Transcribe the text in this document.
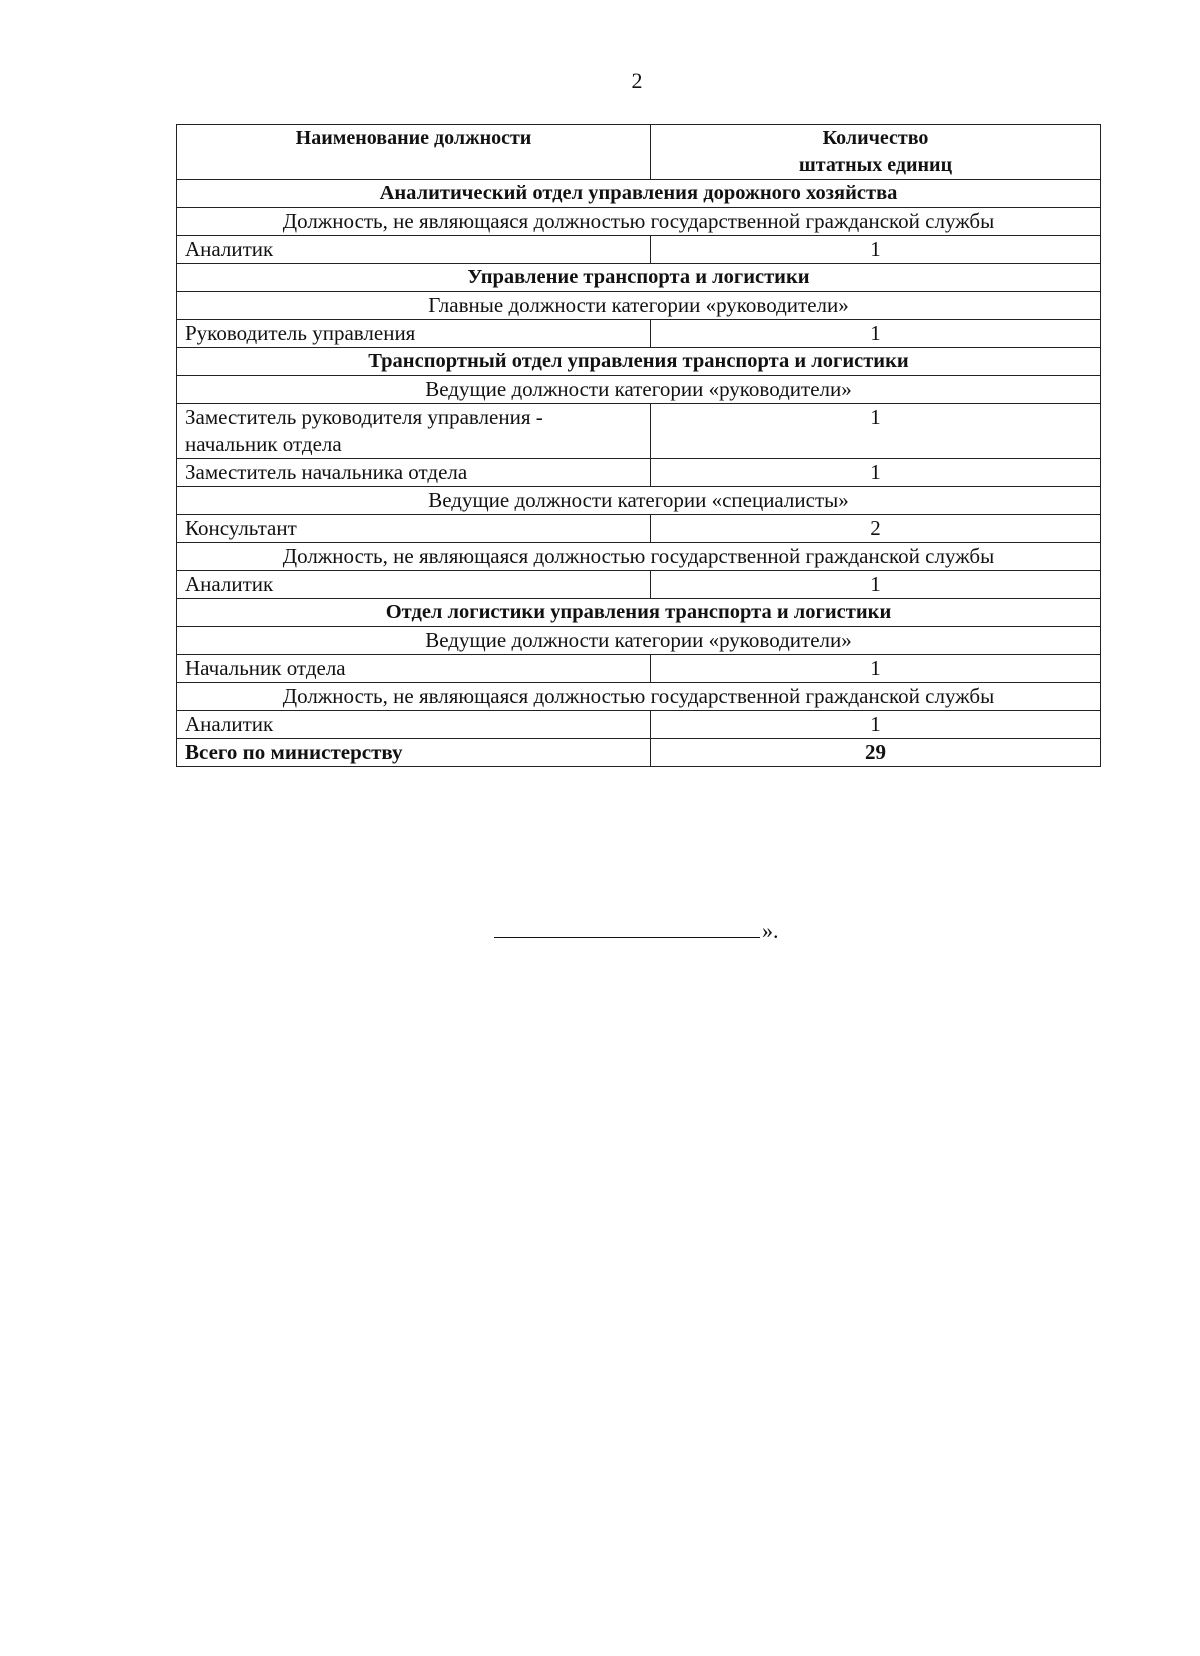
2
Наименование должности	Количество
штатных единиц
Аналитический отдел управления дорожного хозяйства	
Должность, не являющаяся должностью государственной гражданской службы	
Аналитик	1
Управление транспорта и логистики	
Главные должности категории «руководители»	
Руководитель управления	1
Транспортный отдел управления транспорта и логистики	
Ведущие должности категории «руководители»	
Заместитель руководителя управления -
начальник отдела	1
Заместитель начальника отдела	1
Ведущие должности категории «специалисты»	
Консультант	2
Должность, не являющаяся должностью государственной гражданской службы	
Аналитик	1
Отдел логистики управления транспорта и логистики	
Ведущие должности категории «руководители»	
Начальник отдела	1
Должность, не являющаяся должностью государственной гражданской службы	
Аналитик	1
Всего по министерству	29
».
